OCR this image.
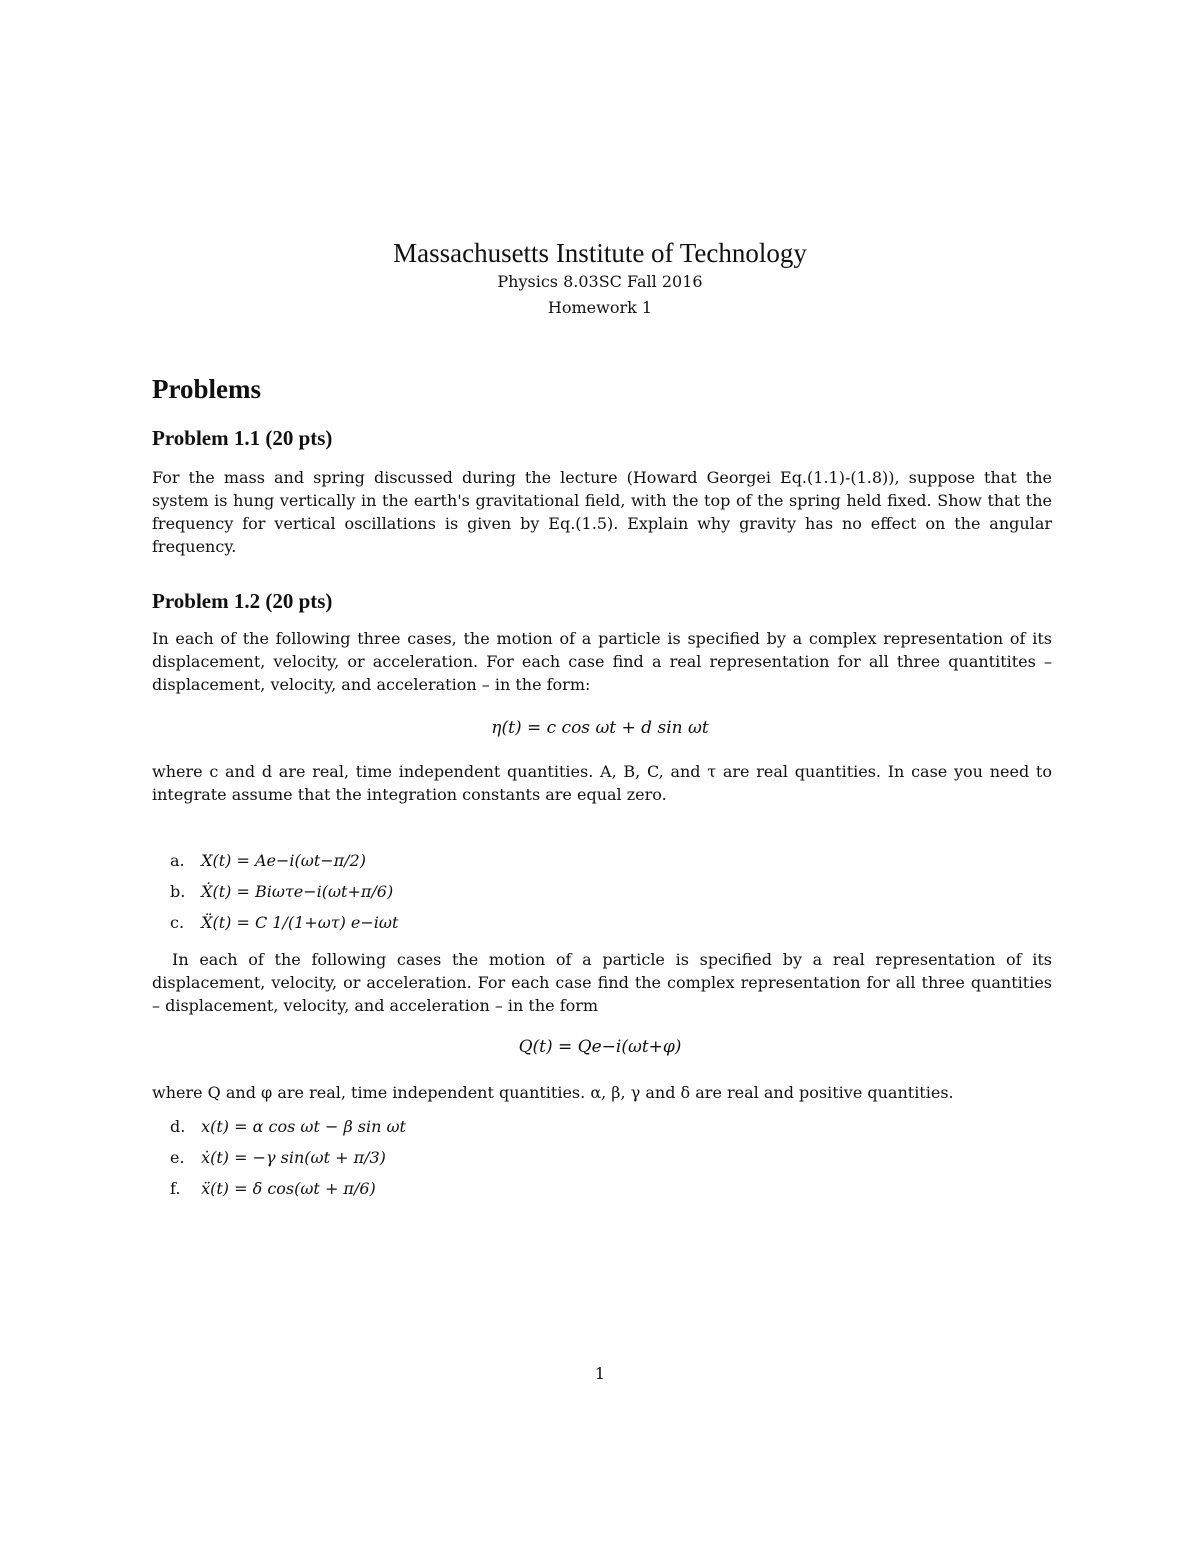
Massachusetts Institute of Technology
Physics 8.03SC Fall 2016
Homework 1
Problems
Problem 1.1 (20 pts)
For the mass and spring discussed during the lecture (Howard Georgei Eq.(1.1)-(1.8)), suppose that the system is hung vertically in the earth's gravitational field, with the top of the spring held fixed. Show that the frequency for vertical oscillations is given by Eq.(1.5). Explain why gravity has no effect on the angular frequency.
Problem 1.2 (20 pts)
In each of the following three cases, the motion of a particle is specified by a complex representation of its displacement, velocity, or acceleration. For each case find a real representation for all three quantitites – displacement, velocity, and acceleration – in the form:
η(t) = c cos ωt + d sin ωt
where c and d are real, time independent quantities. A, B, C, and τ are real quantities. In case you need to integrate assume that the integration constants are equal zero.
a. X(t) = Ae−i(ωt−π/2)
b. Ẋ(t) = Biωτe−i(ωt+π/6)
c. Ẍ(t) = C 1/(1+ωτ) e−iωt
In each of the following cases the motion of a particle is specified by a real representation of its displacement, velocity, or acceleration. For each case find the complex representation for all three quantities – displacement, velocity, and acceleration – in the form
Q(t) = Qe−i(ωt+φ)
where Q and φ are real, time independent quantities. α, β, γ and δ are real and positive quantities.
d. x(t) = α cos ωt − β sin ωt
e. ẋ(t) = −γ sin(ωt + π/3)
f. ẍ(t) = δ cos(ωt + π/6)
1
